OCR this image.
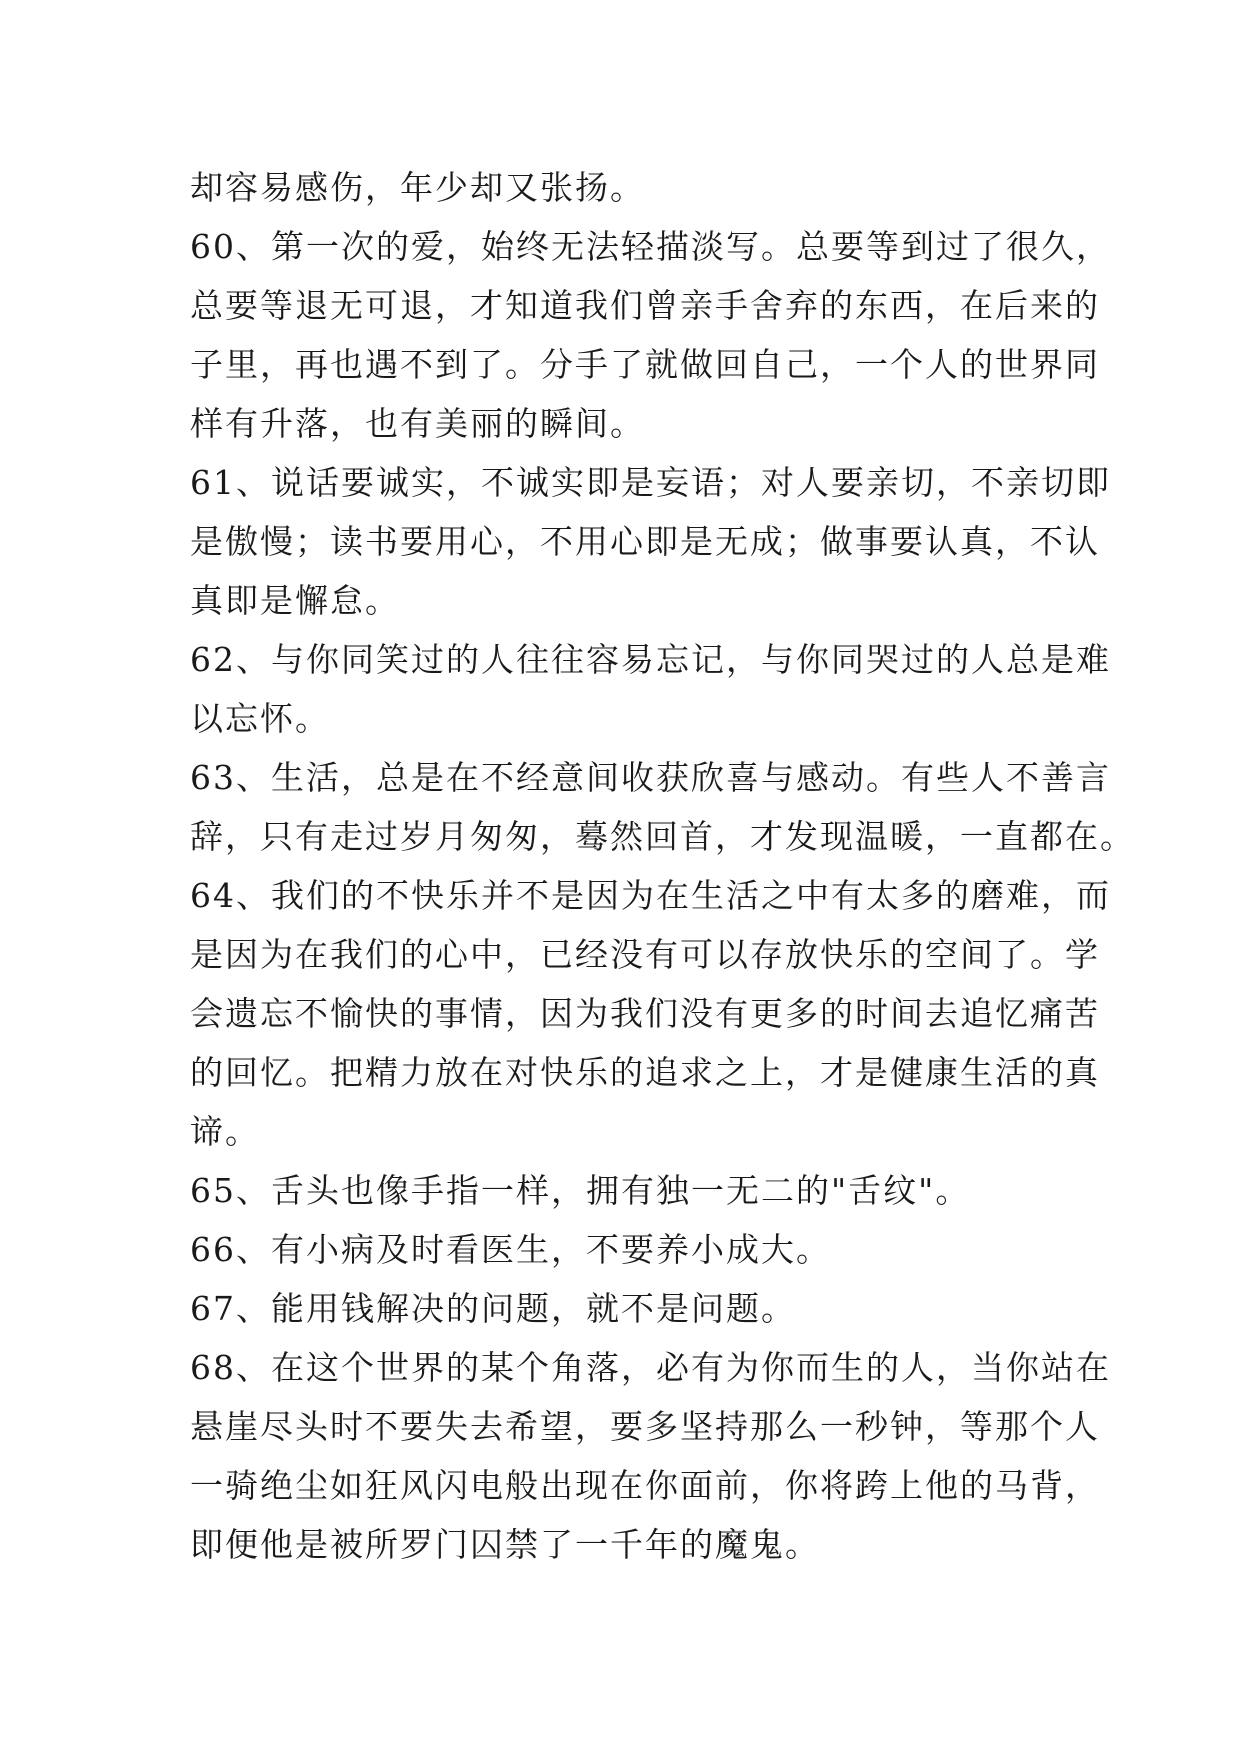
却容易感伤，年少却又张扬。
60、第一次的爱，始终无法轻描淡写。总要等到过了很久，
总要等退无可退，才知道我们曾亲手舍弃的东西，在后来的
子里，再也遇不到了。分手了就做回自己，一个人的世界同
样有升落，也有美丽的瞬间。
61、说话要诚实，不诚实即是妄语；对人要亲切，不亲切即
是傲慢；读书要用心，不用心即是无成；做事要认真，不认
真即是懈怠。
62、与你同笑过的人往往容易忘记，与你同哭过的人总是难
以忘怀。
63、生活，总是在不经意间收获欣喜与感动。有些人不善言
辞，只有走过岁月匆匆，蓦然回首，才发现温暖，一直都在。
64、我们的不快乐并不是因为在生活之中有太多的磨难，而
是因为在我们的心中，已经没有可以存放快乐的空间了。学
会遗忘不愉快的事情，因为我们没有更多的时间去追忆痛苦
的回忆。把精力放在对快乐的追求之上，才是健康生活的真
谛。
65、舌头也像手指一样，拥有独一无二的"舌纹"。
66、有小病及时看医生，不要养小成大。
67、能用钱解决的问题，就不是问题。
68、在这个世界的某个角落，必有为你而生的人，当你站在
悬崖尽头时不要失去希望，要多坚持那么一秒钟，等那个人
一骑绝尘如狂风闪电般出现在你面前，你将跨上他的马背，
即便他是被所罗门囚禁了一千年的魔鬼。
